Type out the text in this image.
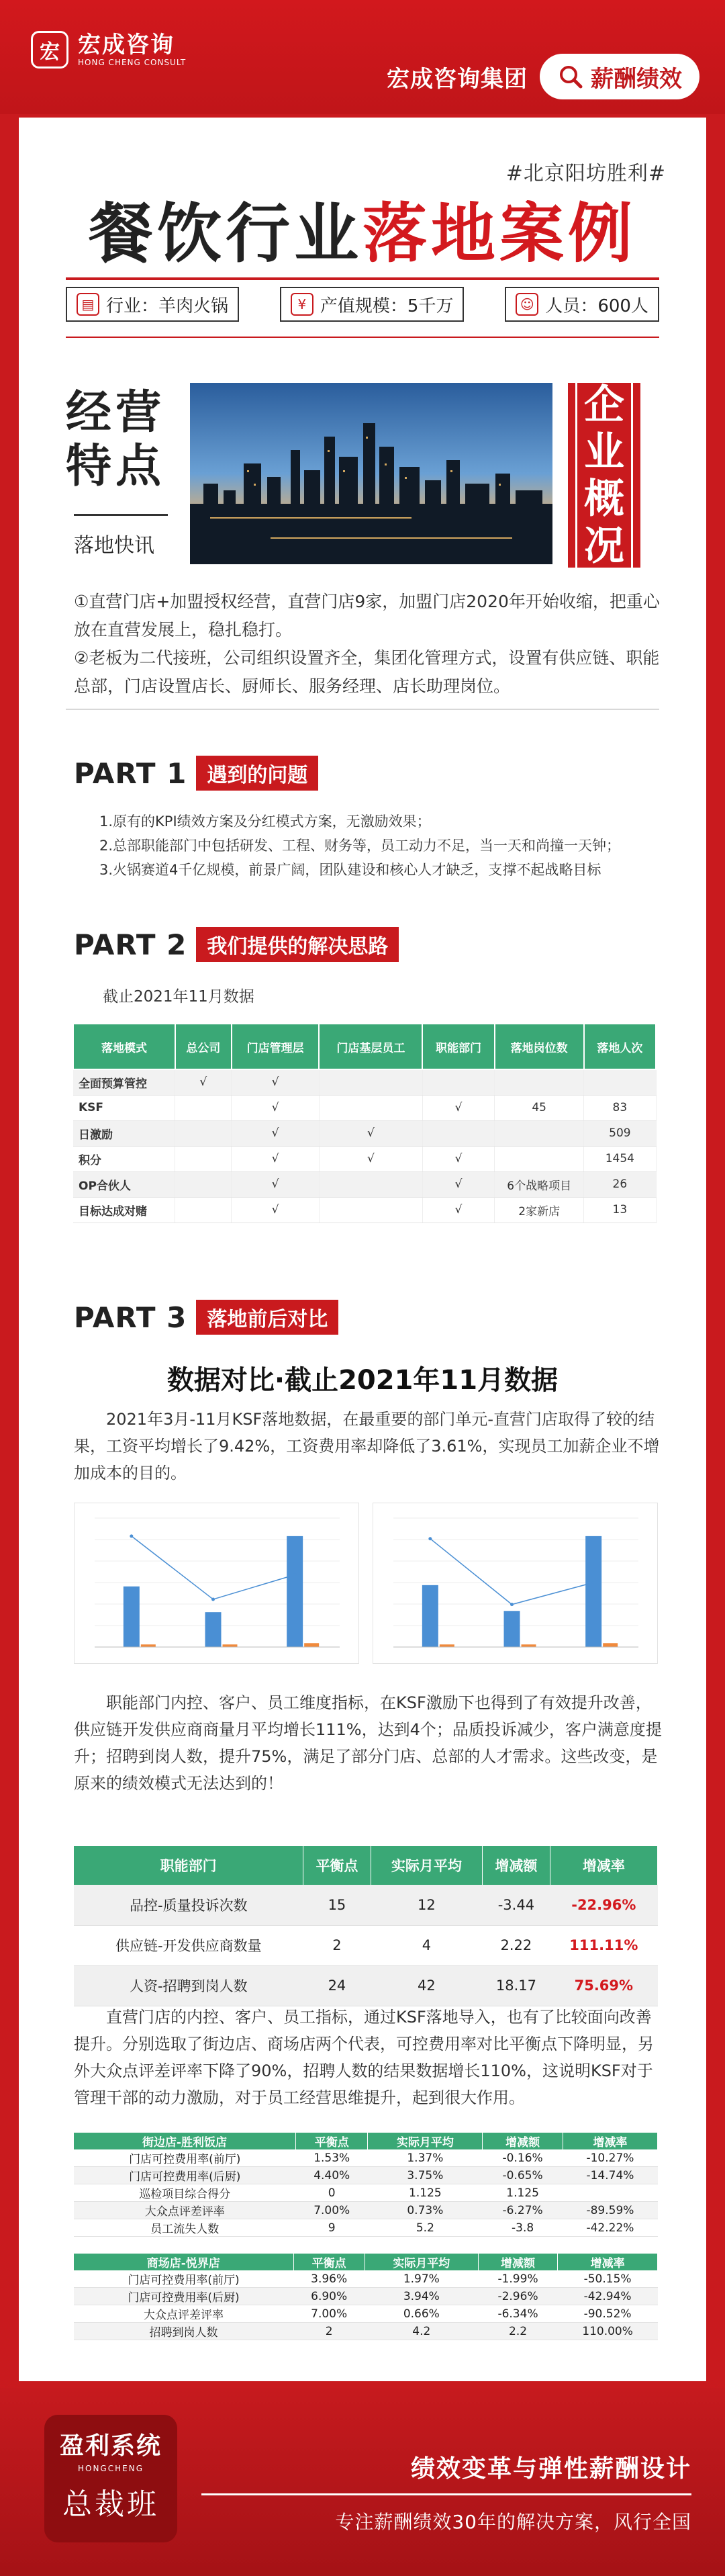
宏 宏成咨询
HONG CHENG CONSULT
宏成咨询集团	薪酬绩效
#北京阳坊胜利#
餐饮行业落地案例
▤ 行业：羊肉火锅	¥ 产值规模：5千万	☺ 人员：600人
经营
特点
落地快讯
企
业
概
况

①直营门店+加盟授权经营，直营门店9家，加盟门店2020年开始收缩，把重心放在直营发展上，稳扎稳打。

②老板为二代接班，公司组织设置齐全，集团化管理方式，设置有供应链、职能总部，门店设置店长、厨师长、服务经理、店长助理岗位。

PART 1	遇到的问题
1.原有的KPI绩效方案及分红模式方案，无激励效果；
2.总部职能部门中包括研发、工程、财务等，员工动力不足，当一天和尚撞一天钟；
3.火锅赛道4千亿规模，前景广阔，团队建设和核心人才缺乏，支撑不起战略目标
PART 2	我们提供的解决思路
截止2021年11月数据
落地模式	总公司	门店管理层	门店基层员工	职能部门	落地岗位数	落地人次
全面预算管控	√	√				
KSF		√		√	45	83
日激励		√	√			509
积分		√	√	√		1454
OP合伙人		√		√	6个战略项目	26
目标达成对赌		√		√	2家新店	13
PART 3	落地前后对比
数据对比·截止2021年11月数据
2021年3月-11月KSF落地数据，在最重要的部门单元-直营门店取得了较的结果，工资平均增长了9.42%，工资费用率却降低了3.61%，实现员工加薪企业不增加成本的目的。
职能部门内控、客户、员工维度指标，在KSF激励下也得到了有效提升改善，供应链开发供应商商量月平均增长111%，达到4个；品质投诉减少，客户满意度提升；招聘到岗人数，提升75%，满足了部分门店、总部的人才需求。这些改变，是原来的绩效模式无法达到的！
职能部门	平衡点	实际月平均	增减额	增减率
品控-质量投诉次数	15	12	-3.44	-22.96%
供应链-开发供应商数量	2	4	2.22	111.11%
人资-招聘到岗人数	24	42	18.17	75.69%
直营门店的内控、客户、员工指标，通过KSF落地导入，也有了比较面向改善提升。分别选取了街边店、商场店两个代表，可控费用率对比平衡点下降明显，另外大众点评差评率下降了90%，招聘人数的结果数据增长110%，这说明KSF对于管理干部的动力激励，对于员工经营思维提升，起到很大作用。
街边店-胜利饭店	平衡点	实际月平均	增减额	增减率
门店可控费用率(前厅)	1.53%	1.37%	-0.16%	-10.27%
门店可控费用率(后厨)	4.40%	3.75%	-0.65%	-14.74%
巡检项目综合得分	0	1.125	1.125	
大众点评差评率	7.00%	0.73%	-6.27%	-89.59%
员工流失人数	9	5.2	-3.8	-42.22%
商场店-悦界店	平衡点	实际月平均	增减额	增减率
门店可控费用率(前厅)	3.96%	1.97%	-1.99%	-50.15%
门店可控费用率(后厨)	6.90%	3.94%	-2.96%	-42.94%
大众点评差评率	7.00%	0.66%	-6.34%	-90.52%
招聘到岗人数	2	4.2	2.2	110.00%
盈利系统
HONGCHENG
总裁班
绩效变革与弹性薪酬设计
专注薪酬绩效30年的解决方案，风行全国
